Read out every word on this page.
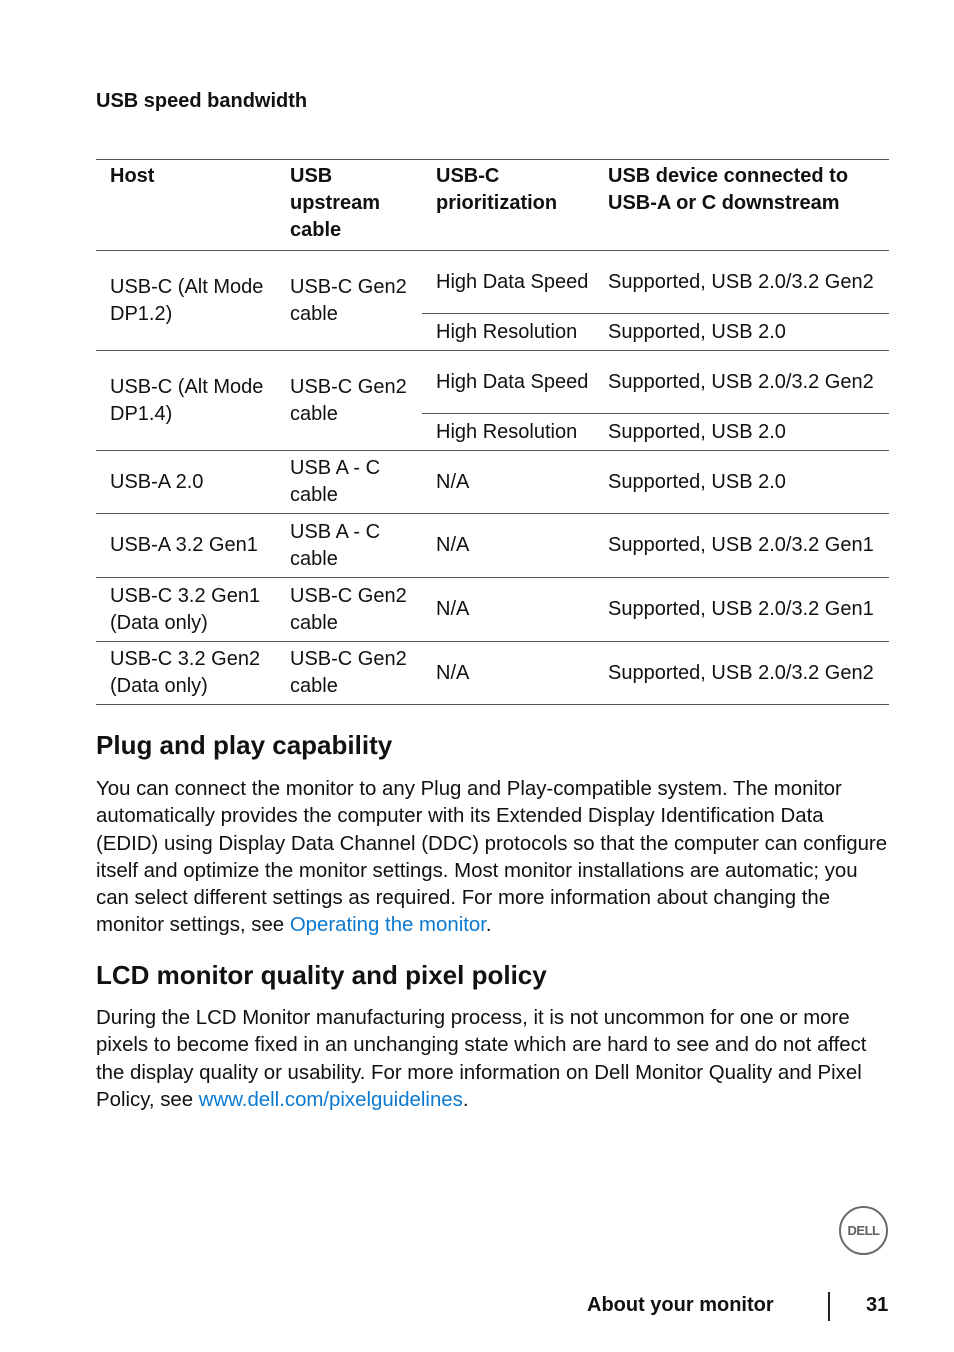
USB speed bandwidth
Host	USB upstream cable	USB-C prioritization	USB device connected to USB-A or C downstream
USB-C (Alt Mode DP1.2)	USB-C Gen2 cable	High Data Speed	Supported, USB 2.0/3.2 Gen2
		High Resolution	Supported, USB 2.0
USB-C (Alt Mode DP1.4)	USB-C Gen2 cable	High Data Speed	Supported, USB 2.0/3.2 Gen2
		High Resolution	Supported, USB 2.0
USB-A 2.0	USB A - C cable	N/A	Supported, USB 2.0
USB-A 3.2 Gen1	USB A - C cable	N/A	Supported, USB 2.0/3.2 Gen1
USB-C 3.2 Gen1 (Data only)	USB-C Gen2 cable	N/A	Supported, USB 2.0/3.2 Gen1
USB-C 3.2 Gen2 (Data only)	USB-C Gen2 cable	N/A	Supported, USB 2.0/3.2 Gen2
Plug and play capability

You can connect the monitor to any Plug and Play-compatible system. The monitor automatically provides the computer with its Extended Display Identification Data (EDID) using Display Data Channel (DDC) protocols so that the computer can configure itself and optimize the monitor settings. Most monitor installations are automatic; you can select different settings as required. For more information about changing the monitor settings, see Operating the monitor.

LCD monitor quality and pixel policy

During the LCD Monitor manufacturing process, it is not uncommon for one or more pixels to become fixed in an unchanging state which are hard to see and do not affect the display quality or usability. For more information on Dell Monitor Quality and Pixel Policy, see www.dell.com/pixelguidelines.

DELL
About your monitor	31
